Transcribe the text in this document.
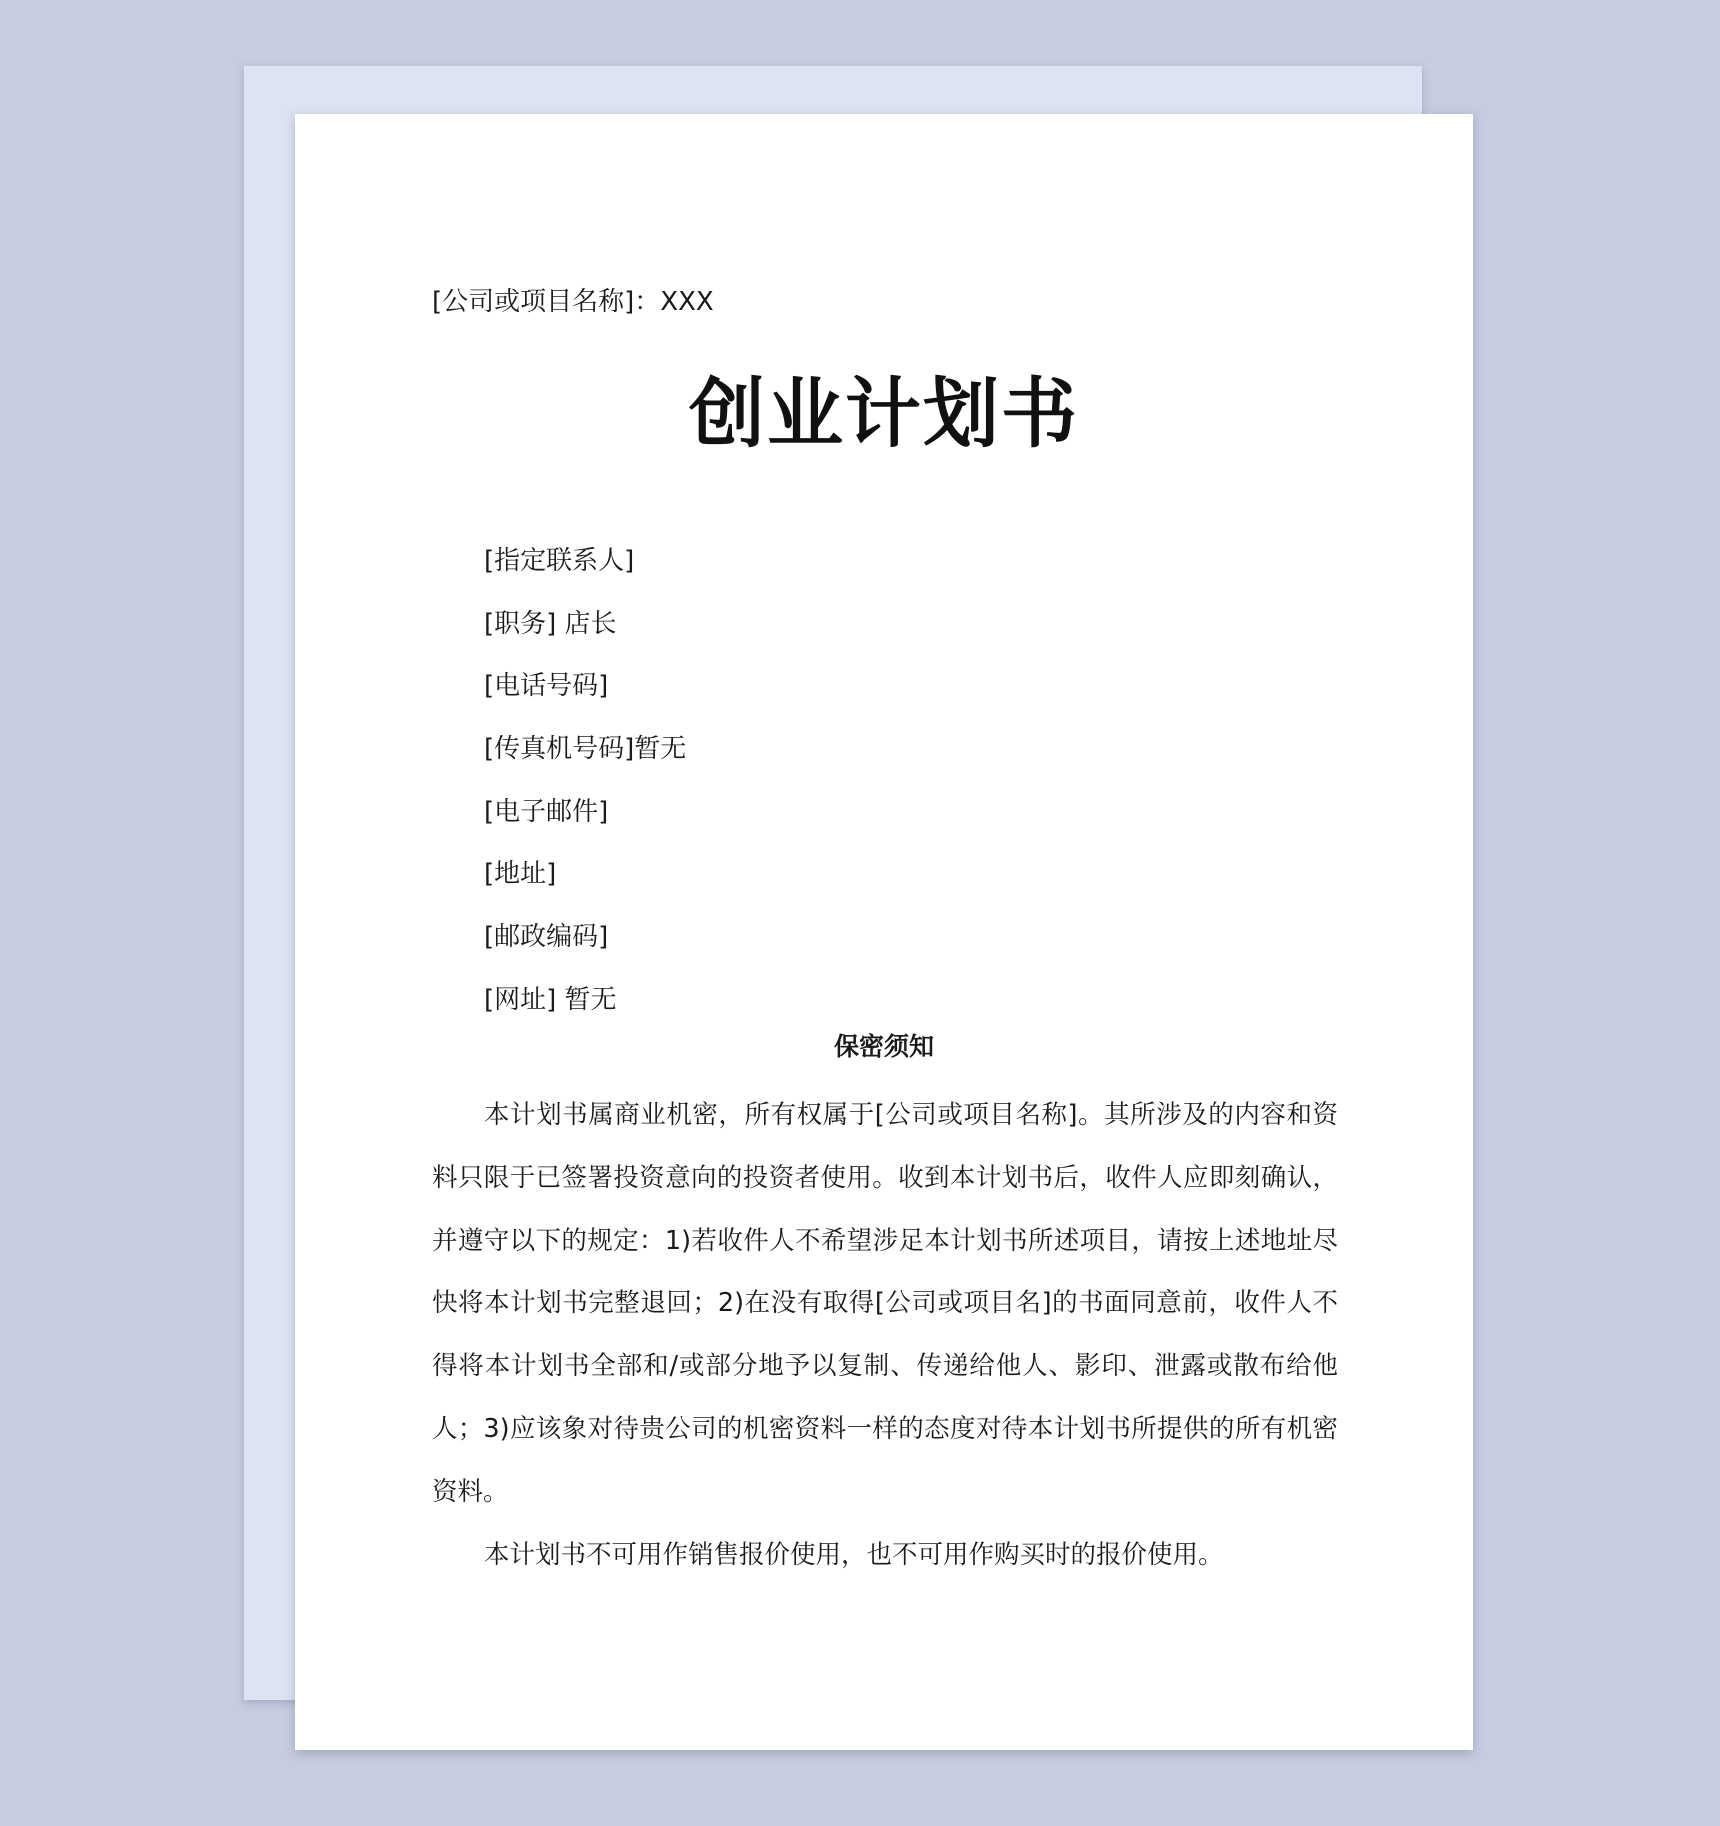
[公司或项目名称]：XXX
创业计划书
[指定联系人]
[职务] 店长
[电话号码]
[传真机号码]暂无
[电子邮件]
[地址]
[邮政编码]
[网址] 暂无
保密须知

本计划书属商业机密，所有权属于[公司或项目名称]。其所涉及的内容和资料只限于已签署投资意向的投资者使用。收到本计划书后，收件人应即刻确认，并遵守以下的规定：1)若收件人不希望涉足本计划书所述项目，请按上述地址尽快将本计划书完整退回；2)在没有取得[公司或项目名]的书面同意前，收件人不得将本计划书全部和/或部分地予以复制、传递给他人、影印、泄露或散布给他人；3)应该象对待贵公司的机密资料一样的态度对待本计划书所提供的所有机密资料。

本计划书不可用作销售报价使用，也不可用作购买时的报价使用。
